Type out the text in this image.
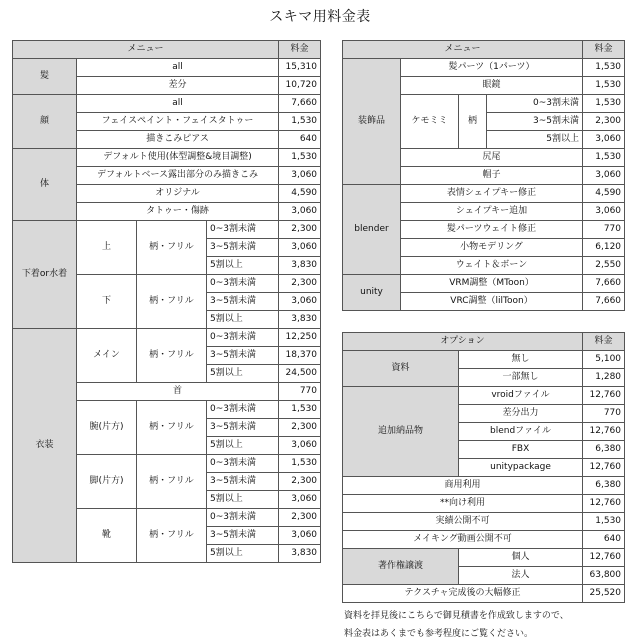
スキマ用料金表
メニュー				料金
髪	all			15,310
	差分			10,720
顔	all			7,660
	フェイスペイント・フェイスタトゥー			1,530
	描きこみピアス			640
体	デフォルト使用(体型調整&境目調整)			1,530
	デフォルトベース露出部分のみ描きこみ			3,060
	オリジナル			4,590
	タトゥー・傷跡			3,060
下着or水着	上	柄・フリル	0~3割未満	2,300
			3~5割未満	3,060
			5割以上	3,830
	下	柄・フリル	0~3割未満	2,300
			3~5割未満	3,060
			5割以上	3,830
衣装	メイン	柄・フリル	0~3割未満	12,250
			3~5割未満	18,370
			5割以上	24,500
	首			770
	腕(片方)	柄・フリル	0~3割未満	1,530
			3~5割未満	2,300
			5割以上	3,060
	脚(片方)	柄・フリル	0~3割未満	1,530
			3~5割未満	2,300
			5割以上	3,060
	靴	柄・フリル	0~3割未満	2,300
			3~5割未満	3,060
			5割以上	3,830
メニュー				料金
装飾品	髪パーツ（1パーツ）			1,530
	眼鏡			1,530
	ケモミミ	柄	0~3割未満	1,530
			3~5割未満	2,300
			5割以上	3,060
	尻尾			1,530
	帽子			3,060
blender	表情シェイプキー修正			4,590
	シェイプキー追加			3,060
	髪パーツウェイト修正			770
	小物モデリング			6,120
	ウェイト＆ボーン			2,550
unity	VRM調整（MToon）			7,660
	VRC調整（lilToon）			7,660
オプション		料金
資料	無し	5,100
	一部無し	1,280
追加納品物	vroidファイル	12,760
	差分出力	770
	blendファイル	12,760
	FBX	6,380
	unitypackage	12,760
商用利用		6,380
**向け利用		12,760
実績公開不可		1,530
メイキング動画公開不可		640
著作権譲渡	個人	12,760
	法人	63,800
テクスチャ完成後の大幅修正		25,520
資料を拝見後にこちらで御見積書を作成致しますので、
料金表はあくまでも参考程度にご覧ください。
